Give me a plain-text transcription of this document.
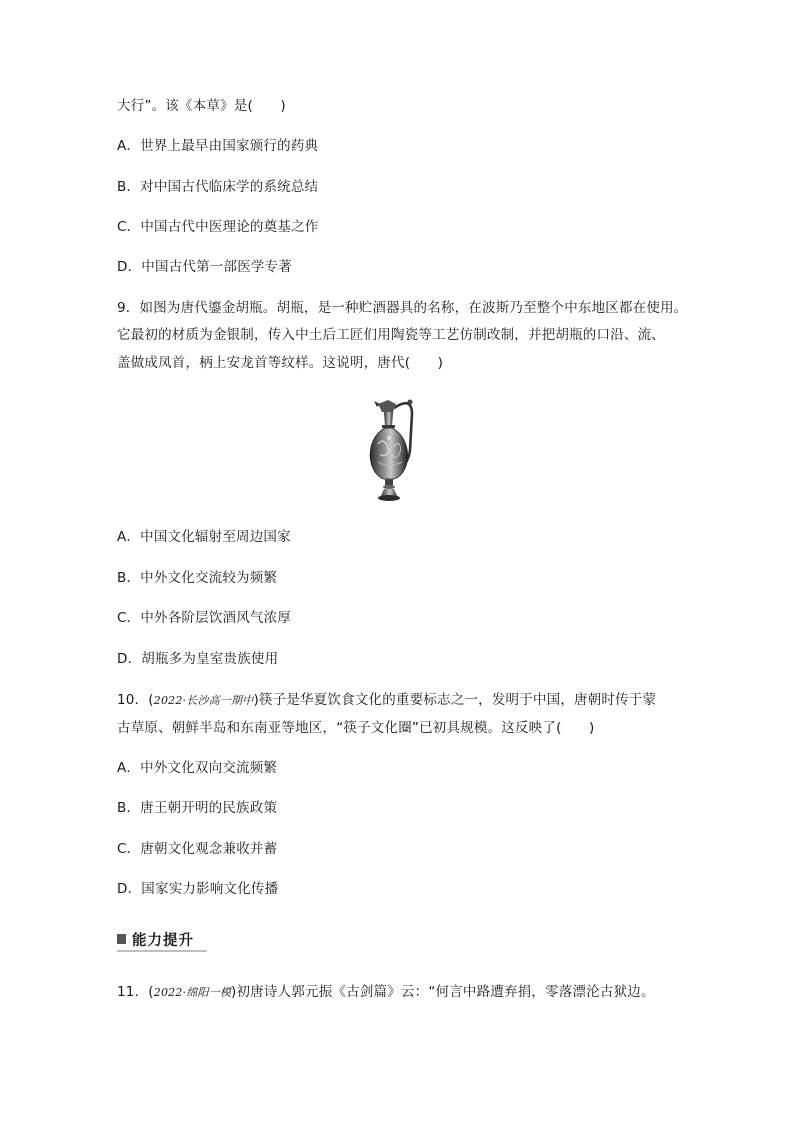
大行”。该《本草》是(　　)
A．世界上最早由国家颁行的药典
B．对中国古代临床学的系统总结
C．中国古代中医理论的奠基之作
D．中国古代第一部医学专著
9．如图为唐代鎏金胡瓶。胡瓶，是一种贮酒器具的名称，在波斯乃至整个中东地区都在使用。
它最初的材质为金银制，传入中土后工匠们用陶瓷等工艺仿制改制，并把胡瓶的口沿、流、
盖做成凤首，柄上安龙首等纹样。这说明，唐代(　　)
A．中国文化辐射至周边国家
B．中外文化交流较为频繁
C．中外各阶层饮酒风气浓厚
D．胡瓶多为皇室贵族使用
10．(2022·长沙高一期中)筷子是华夏饮食文化的重要标志之一，发明于中国，唐朝时传于蒙
古草原、朝鲜半岛和东南亚等地区，“筷子文化圈”已初具规模。这反映了(　　)
A．中外文化双向交流频繁
B．唐王朝开明的民族政策
C．唐朝文化观念兼收并蓄
D．国家实力影响文化传播
能力提升
11．(2022·绵阳一模)初唐诗人郭元振《古剑篇》云：“何言中路遭弃捐，零落漂沦古狱边。
